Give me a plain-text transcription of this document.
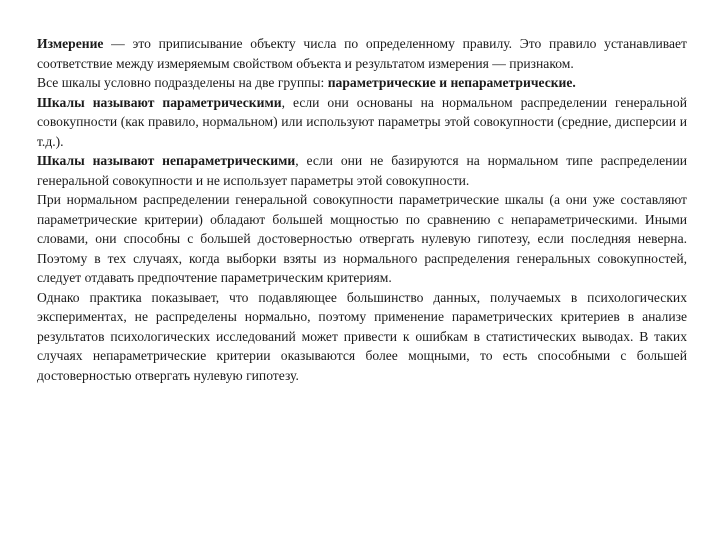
Измерение — это приписывание объекту числа по определенному правилу. Это правило устанавливает соответствие между измеряемым свойством объекта и результатом измерения — признаком.

Все шкалы условно подразделены на две группы: параметрические и непараметрические.

Шкалы называют параметрическими, если они основаны на нормальном распределении генеральной совокупности (как правило, нормальном) или используют параметры этой совокупности (средние, дисперсии и т.д.).

Шкалы называют непараметрическими, если они не базируются на нормальном типе распределении генеральной совокупности и не использует параметры этой совокупности.

При нормальном распределении генеральной совокупности параметрические шкалы (а они уже составляют параметрические критерии) обладают большей мощностью по сравнению с непараметрическими. Иными словами, они способны с большей достоверностью отвергать нулевую гипотезу, если последняя неверна. Поэтому в тех случаях, когда выборки взяты из нормального распределения генеральных совокупностей, следует отдавать предпочтение параметрическим критериям.

Однако практика показывает, что подавляющее большинство данных, получаемых в психологических экспериментах, не распределены нормально, поэтому применение параметрических критериев в анализе результатов психологических исследований может привести к ошибкам в статистических выводах. В таких случаях непараметрические критерии оказываются более мощными, то есть способными с большей достоверностью отвергать нулевую гипотезу.
